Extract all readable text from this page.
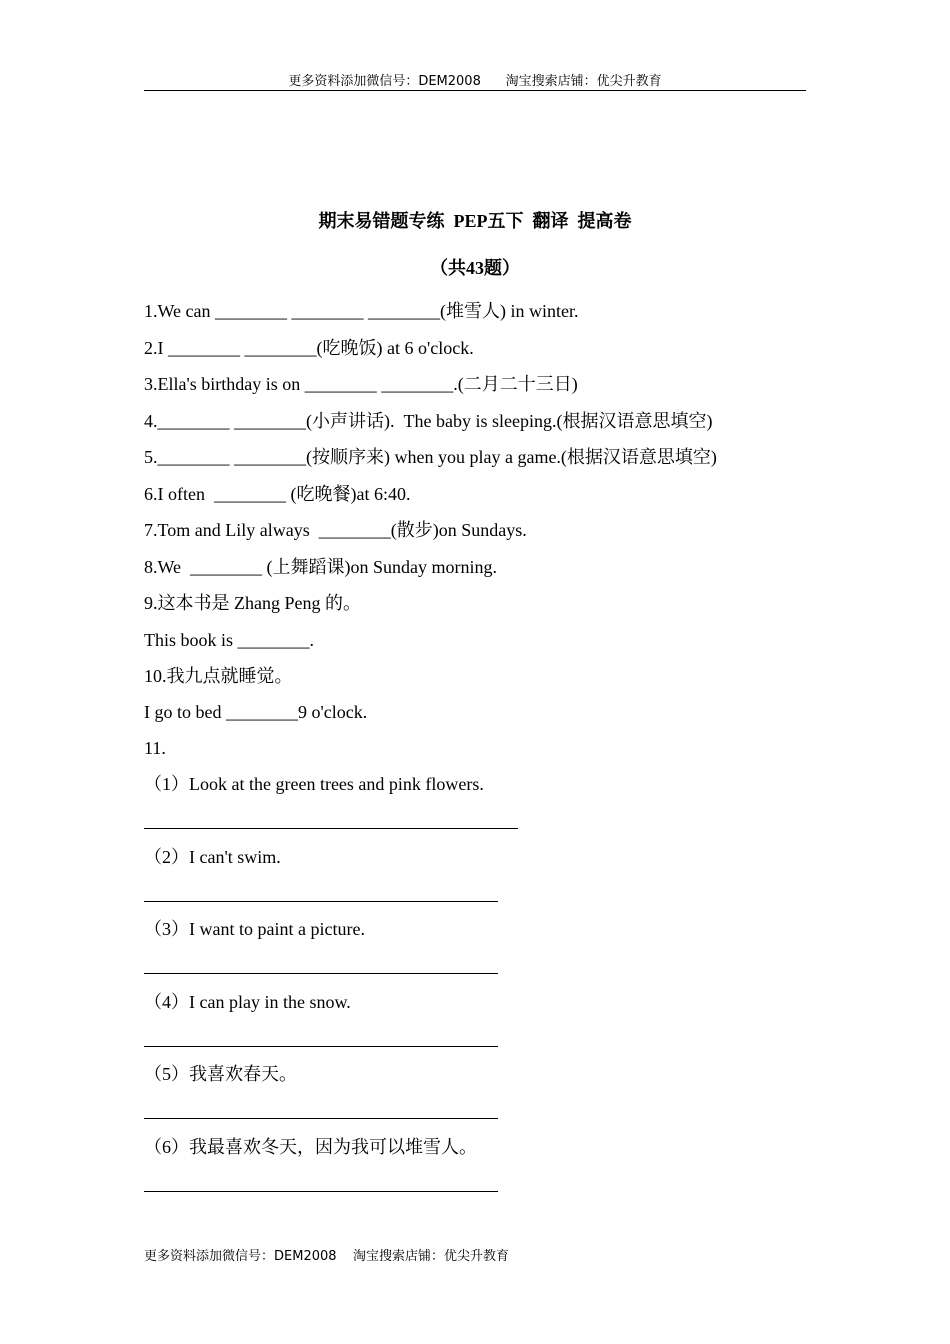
更多资料添加微信号：DEM2008      淘宝搜索店铺：优尖升教育
期末易错题专练  PEP五下  翻译  提高卷
（共43题）
1.We can ________ ________ ________(堆雪人) in winter.
2.I ________ ________(吃晚饭) at 6 o'clock.
3.Ella's birthday is on ________ ________.(二月二十三日)
4.________ ________(小声讲话).  The baby is sleeping.(根据汉语意思填空)
5.________ ________(按顺序来) when you play a game.(根据汉语意思填空)
6.I often  ________ (吃晚餐)at 6:40.
7.Tom and Lily always  ________(散步)on Sundays.
8.We  ________ (上舞蹈课)on Sunday morning.
9.这本书是 Zhang Peng 的。
This book is ________.
10.我九点就睡觉。
I go to bed ________9 o'clock.
11.
（1）Look at the green trees and pink flowers.
（2）I can't swim.
（3）I want to paint a picture.
（4）I can play in the snow.
（5）我喜欢春天。
（6）我最喜欢冬天，因为我可以堆雪人。
更多资料添加微信号：DEM2008    淘宝搜索店铺：优尖升教育
